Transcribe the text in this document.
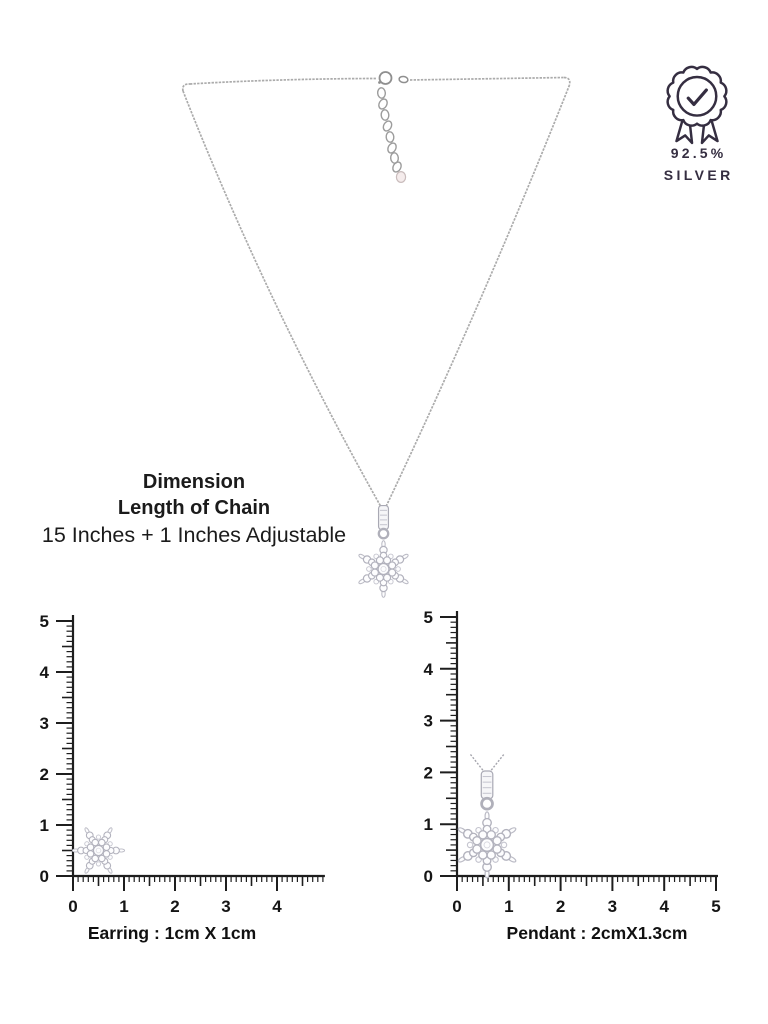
0
1
2
3
4
5
0 1 2 3 4
0
1
2
3
4
5
0 1 2 3 4 5
92.5%
SILVER
Dimension
Length of Chain
15 Inches + 1 Inches Adjustable
Earring : 1cm X 1cm	Pendant : 2cmX1.3cm
